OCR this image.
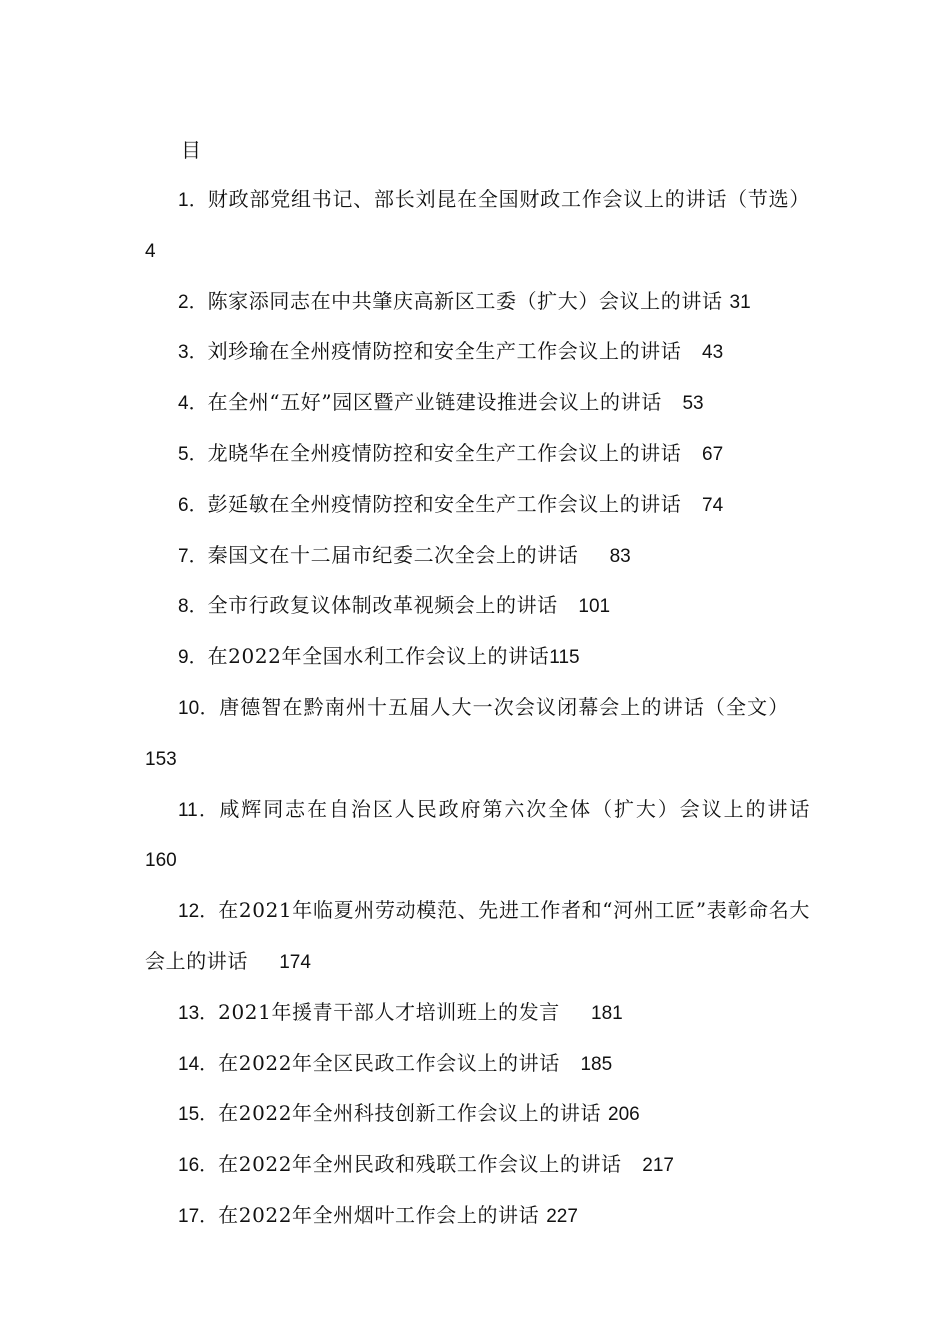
目
1．财政部党组书记、部长刘昆在全国财政工作会议上的讲话（节选） 4
2．陈家添同志在中共肇庆高新区工委（扩大）会议上的讲话 31
3．刘珍瑜在全州疫情防控和安全生产工作会议上的讲话  43
4．在全州“五好”园区暨产业链建设推进会议上的讲话  53
5．龙晓华在全州疫情防控和安全生产工作会议上的讲话  67
6．彭延敏在全州疫情防控和安全生产工作会议上的讲话  74
7．秦国文在十二届市纪委二次全会上的讲话   83
8．全市行政复议体制改革视频会上的讲话  101
9．在2022年全国水利工作会议上的讲话115
10．唐德智在黔南州十五届人大一次会议闭幕会上的讲话（全文） 153
11．咸辉同志在自治区人民政府第六次全体（扩大）会议上的讲话 160
12．在2021年临夏州劳动模范、先进工作者和“河州工匠”表彰命名大会上的讲话   174
13．2021年援青干部人才培训班上的发言   181
14．在2022年全区民政工作会议上的讲话  185
15．在2022年全州科技创新工作会议上的讲话 206
16．在2022年全州民政和残联工作会议上的讲话  217
17．在2022年全州烟叶工作会上的讲话 227
